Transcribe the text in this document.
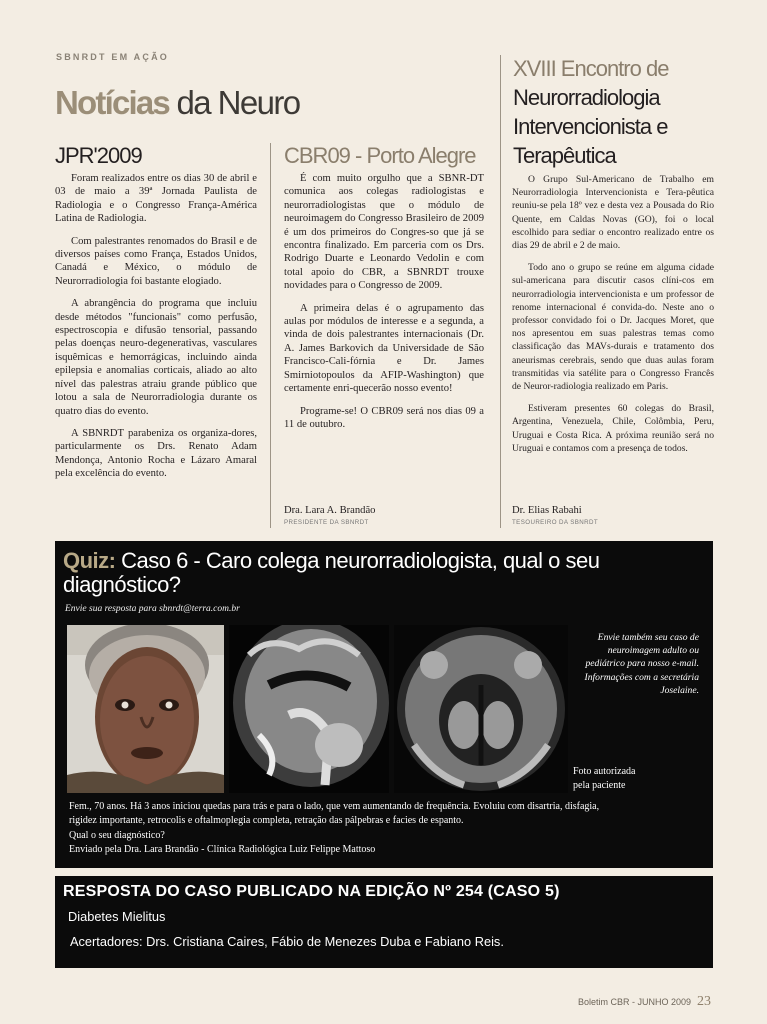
SBNRDT EM AÇÃO
Notícias da Neuro
JPR'2009

Foram realizados entre os dias 30 de abril e 03 de maio a 39ª Jornada Paulista de Radiologia e o Congresso França-América Latina de Radiologia.

Com palestrantes renomados do Brasil e de diversos países como França, Estados Unidos, Canadá e México, o módulo de Neurorradiologia foi bastante elogiado.

A abrangência do programa que incluiu desde métodos "funcionais" como perfusão, espectroscopia e difusão tensorial, passando pelas doenças neuro-degenerativas, vasculares isquêmicas e hemorrágicas, incluindo ainda epilepsia e anomalias corticais, aliado ao alto nível das palestras atraiu grande público que lotou a sala de Neurorradiologia durante os quatro dias do evento.

A SBNRDT parabeniza os organiza-dores, particularmente os Drs. Renato Adam Mendonça, Antonio Rocha e Lázaro Amaral pela excelência do evento.

CBR09 - Porto Alegre

É com muito orgulho que a SBNR-DT comunica aos colegas radiologistas e neurorradiologistas que o módulo de neuroimagem do Congresso Brasileiro de 2009 é um dos primeiros do Congres-so que já se encontra finalizado. Em parceria com os Drs. Rodrigo Duarte e Leonardo Vedolin e com total apoio do CBR, a SBNRDT trouxe novidades para o Congresso de 2009.

A primeira delas é o agrupamento das aulas por módulos de interesse e a segunda, a vinda de dois palestrantes internacionais (Dr. A. James Barkovich da Universidade de São Francisco-Cali-fórnia e Dr. James Smirniotopoulos da AFIP-Washington) que certamente enri-quecerão nosso evento!

Programe-se! O CBR09 será nos dias 09 a 11 de outubro.

Dra. Lara A. Brandão
PRESIDENTE DA SBNRDT
XVIII Encontro de
Neurorradiologia
Intervencionista e
Terapêutica

O Grupo Sul-Americano de Trabalho em Neurorradiologia Intervencionista e Tera-pêutica reuniu-se pela 18º vez e desta vez a Pousada do Rio Quente, em Caldas Novas (GO), foi o local escolhido para sediar o encontro realizado entre os dias 29 de abril e 2 de maio.

Todo ano o grupo se reúne em alguma cidade sul-americana para discutir casos clíni-cos em neurorradiologia intervencionista e um professor de renome internacional é convida-do. Neste ano o professor convidado foi o Dr. Jacques Moret, que nos apresentou em suas palestras temas como classificação das MAVs-durais e tratamento dos aneurismas cerebrais, sendo que duas aulas foram transmitidas via satélite para o Congresso Francês de Neuror-radiologia realizado em Paris.

Estiveram presentes 60 colegas do Brasil, Argentina, Venezuela, Chile, Colômbia, Peru, Uruguai e Costa Rica. A próxima reunião será no Uruguai e contamos com a presença de todos.

Dr. Elias Rabahi
TESOUREIRO DA SBNRDT
Quiz: Caso 6 - Caro colega neurorradiologista, qual o seu diagnóstico?
Envie sua resposta para sbnrdt@terra.com.br
Envie também seu caso de neuroimagem adulto ou pediátrico para nosso e-mail. Informações com a secretária Joselaine.
Foto autorizada
pela paciente
Fem., 70 anos. Há 3 anos iniciou quedas para trás e para o lado, que vem aumentando de frequência. Evoluiu com disartria, disfagia,
rigidez importante, retrocolis e oftalmoplegia completa, retração das pálpebras e facies de espanto.
Qual o seu diagnóstico?
Enviado pela Dra. Lara Brandão - Clínica Radiológica Luiz Felippe Mattoso
RESPOSTA DO CASO PUBLICADO NA EDIÇÃO Nº 254 (CASO 5)
Diabetes Mielitus
Acertadores: Drs. Cristiana Caires, Fábio de Menezes Duba e Fabiano Reis.
Boletim CBR - JUNHO 2009 23
